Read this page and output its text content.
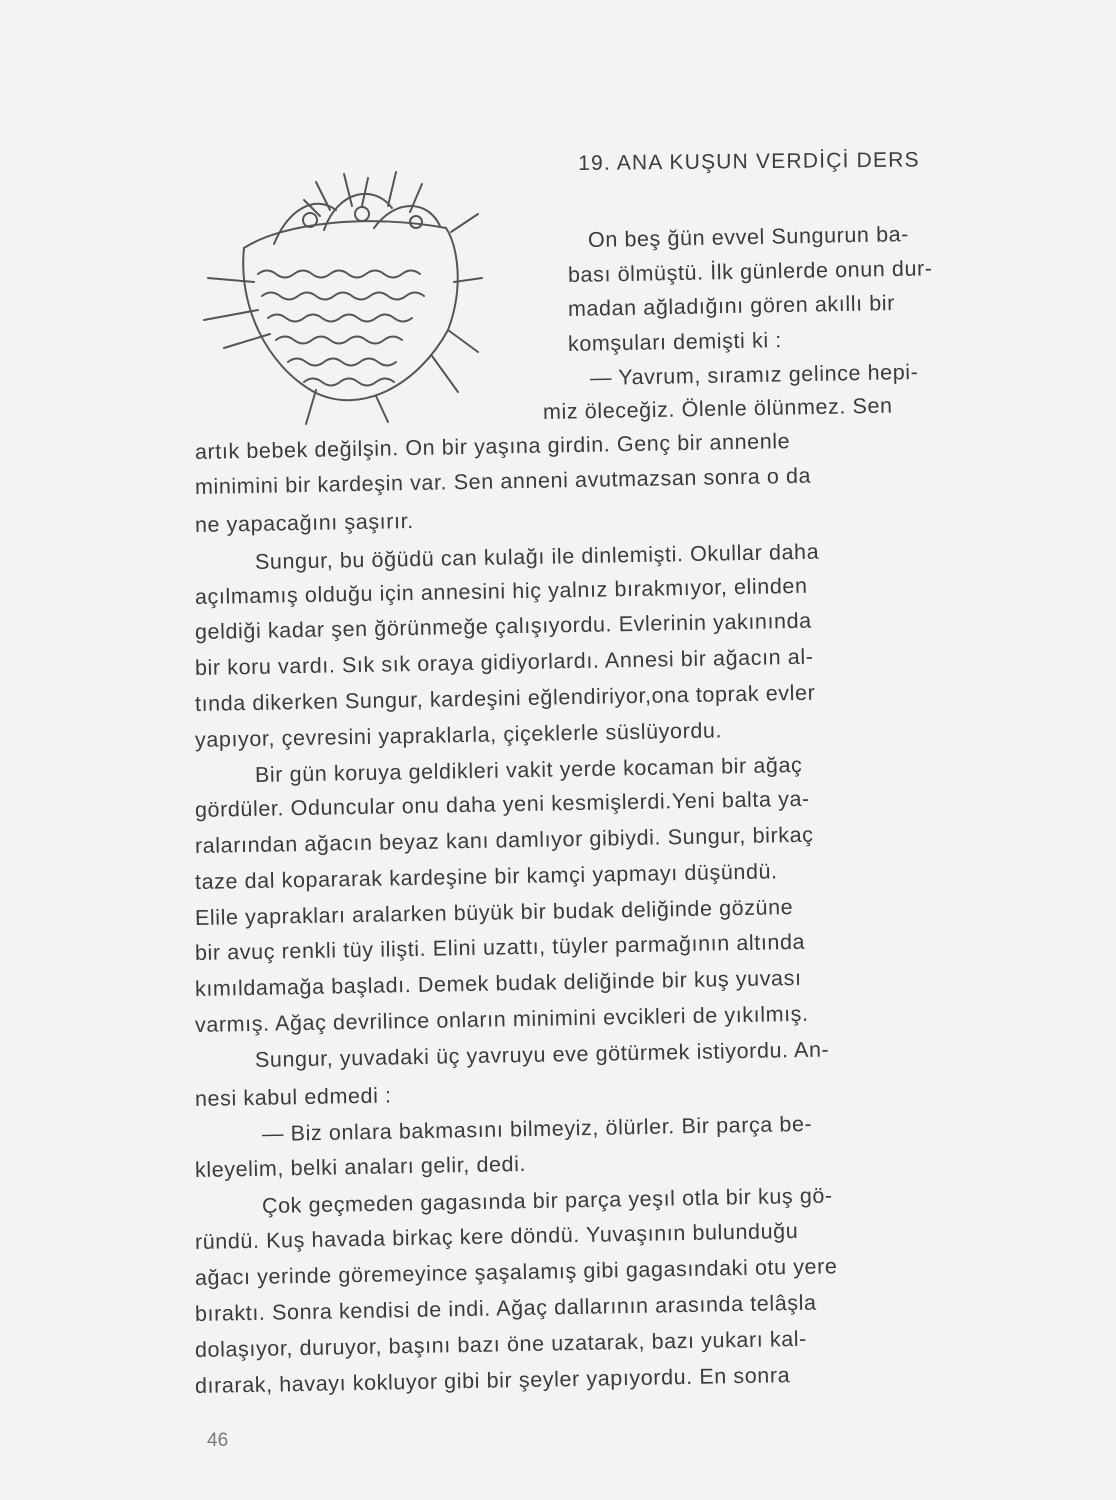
19. ANA KUŞUN VERDİÇİ DERS
On beş ğün evvel Sungurun ba-
bası ölmüştü. İlk günlerde onun dur-
madan ağladığını gören akıllı bir
komşuları demişti ki :
— Yavrum, sıramız gelince hepi-
miz öleceğiz. Ölenle ölünmez. Sen
artık bebek değilşin. On bir yaşına girdin. Genç bir annenle
minimini bir kardeşin var. Sen anneni avutmazsan sonra o da
ne yapacağını şaşırır.
Sungur, bu öğüdü can kulağı ile dinlemişti. Okullar daha
açılmamış olduğu için annesini hiç yalnız bırakmıyor, elinden
geldiği kadar şen ğörünmeğe çalışıyordu. Evlerinin yakınında
bir koru vardı. Sık sık oraya gidiyorlardı. Annesi bir ağacın al-
tında dikerken Sungur, kardeşini eğlendiriyor,ona toprak evler
yapıyor, çevresini yapraklarla, çiçeklerle süslüyordu.
Bir gün koruya geldikleri vakit yerde kocaman bir ağaç
gördüler. Oduncular onu daha yeni kesmişlerdi.Yeni balta ya-
ralarından ağacın beyaz kanı damlıyor gibiydi. Sungur, birkaç
taze dal kopararak kardeşine bir kamçi yapmayı düşündü.
Elile yaprakları aralarken büyük bir budak deliğinde gözüne
bir avuç renkli tüy ilişti. Elini uzattı, tüyler parmağının altında
kımıldamağa başladı. Demek budak deliğinde bir kuş yuvası
varmış. Ağaç devrilince onların minimini evcikleri de yıkılmış.
Sungur, yuvadaki üç yavruyu eve götürmek istiyordu. An-
nesi kabul edmedi :
— Biz onlara bakmasını bilmeyiz, ölürler. Bir parça be-
kleyelim, belki anaları gelir, dedi.
Çok geçmeden gagasında bir parça yeşıl otla bir kuş gö-
ründü. Kuş havada birkaç kere döndü. Yuvaşının bulunduğu
ağacı yerinde göremeyince şaşalamış gibi gagasındaki otu yere
bıraktı. Sonra kendisi de indi. Ağaç dallarının arasında telâşla
dolaşıyor, duruyor, başını bazı öne uzatarak, bazı yukarı kal-
dırarak, havayı kokluyor gibi bir şeyler yapıyordu. En sonra
46
